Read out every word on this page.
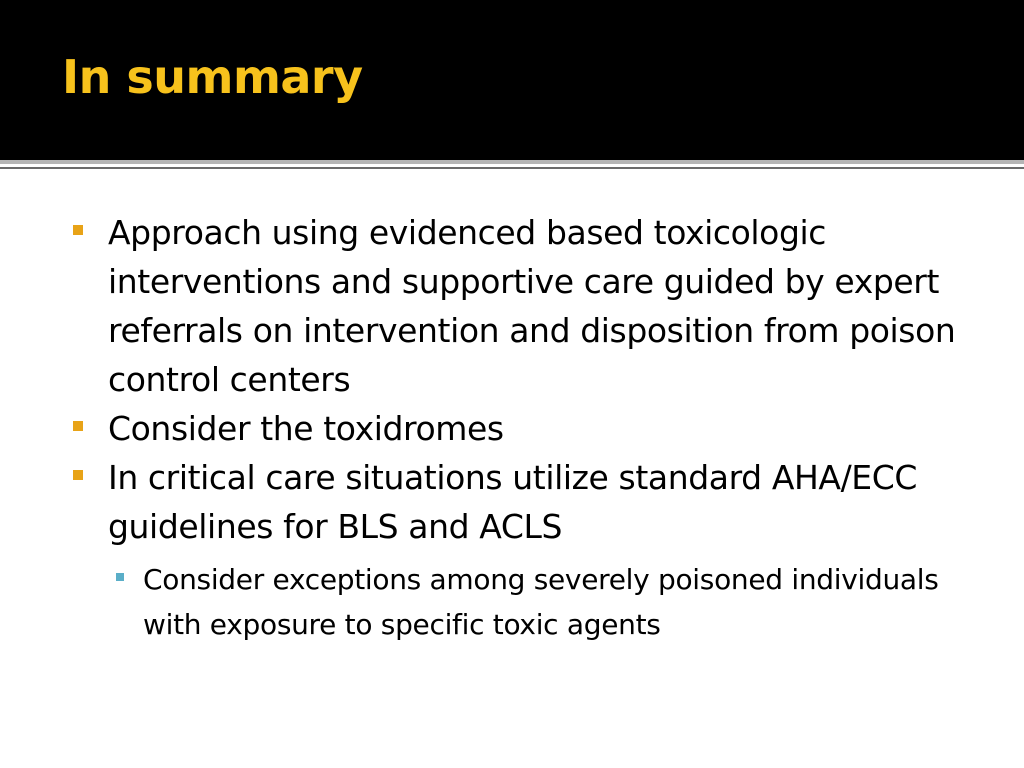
In summary
Approach using evidenced based toxicologic interventions and supportive care guided by expert referrals on intervention and disposition from poison control centers
Consider the toxidromes
In critical care situations utilize standard AHA/ECC guidelines for BLS and ACLS
Consider exceptions among severely poisoned individuals with exposure to specific toxic agents
